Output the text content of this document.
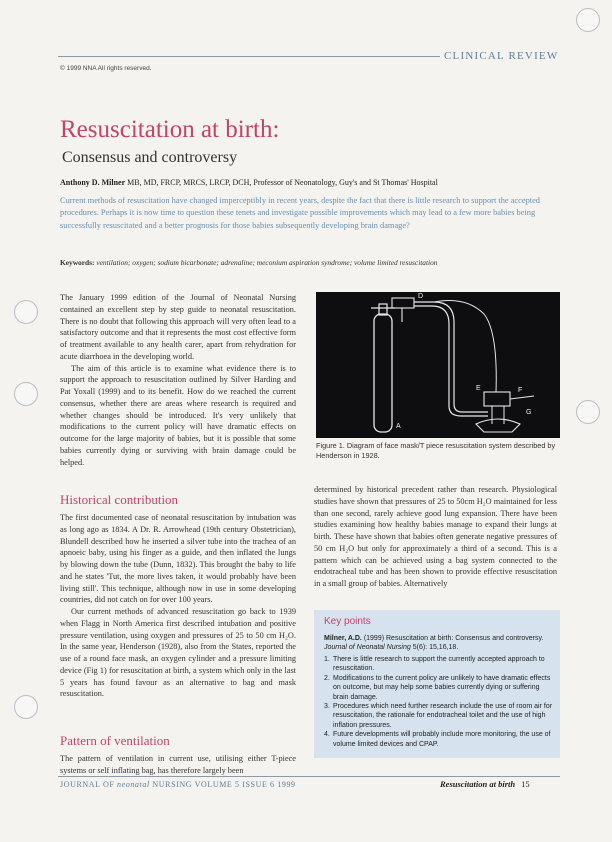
CLINICAL REVIEW
© 1999 NNA All rights reserved.
Resuscitation at birth:
Consensus and controversy
Anthony D. Milner MB, MD, FRCP, MRCS, LRCP, DCH, Professor of Neonatology, Guy's and St Thomas' Hospital
Current methods of resuscitation have changed imperceptibly in recent years, despite the fact that there is little research to support the accepted procedures. Perhaps it is now time to question these tenets and investigate possible improvements which may lead to a few more babies being successfully resuscitated and a better prognosis for those babies subsequently developing brain damage?
Keywords: ventilation; oxygen; sodium bicarbonate; adrenaline; meconium aspiration syndrome; volume limited resuscitation

The January 1999 edition of the Journal of Neonatal Nursing contained an excellent step by step guide to neonatal resuscitation. There is no doubt that following this approach will very often lead to a satisfactory outcome and that it represents the most cost effective form of treatment available to any health carer, apart from rehydration for acute diarrhoea in the developing world.

The aim of this article is to examine what evidence there is to support the approach to resuscitation outlined by Silver Harding and Pat Yoxall (1999) and to its benefit. How do we reached the current consensus, whether there are areas where research is required and whether changes should be introduced. It's very unlikely that modifications to the current policy will have dramatic effects on outcome for the large majority of babies, but it is possible that some babies currently dying or surviving with brain damage could be helped.

Historical contribution

The first documented case of neonatal resuscitation by intubation was as long ago as 1834. A Dr. R. Arrowhead (19th century Obstetrician), Blundell described how he inserted a silver tube into the trachea of an apnoeic baby, using his finger as a guide, and then inflated the lungs by blowing down the tube (Dunn, 1832). This brought the baby to life and he states 'Tut, the more lives taken, it would probably have been living still'. This technique, although now in use in some developing countries, did not catch on for over 100 years.

Our current methods of advanced resuscitation go back to 1939 when Flagg in North America first described intubation and positive pressure ventilation, using oxygen and pressures of 25 to 50 cm H₂O. In the same year, Henderson (1928), also from the States, reported the use of a round face mask, an oxygen cylinder and a pressure limiting device (Fig 1) for resuscitation at birth, a system which only in the last 5 years has found favour as an alternative to bag and mask resuscitation.

Pattern of ventilation

The pattern of ventilation in current use, utilising either T-piece systems or self inflating bag, has therefore largely been

D
A
E	F
G
Figure 1. Diagram of face mask/T piece resuscitation system described by Henderson in 1928.

determined by historical precedent rather than research. Physiological studies have shown that pressures of 25 to 50cm H₂O maintained for less than one second, rarely achieve good lung expansion. There have been studies examining how healthy babies manage to expand their lungs at birth. These have shown that babies often generate negative pressures of 50 cm H₂O but only for approximately a third of a second. This is a pattern which can be achieved using a bag system connected to the endotracheal tube and has been shown to provide effective resuscitation in a small group of babies. Alternatively

Key points
Milner, A.D. (1999) Resuscitation at birth: Consensus and controversy. Journal of Neonatal Nursing 5(6): 15,16,18.
1. There is little research to support the currently accepted approach to resuscitation.
2. Modifications to the current policy are unlikely to have dramatic effects on outcome, but may help some babies currently dying or suffering brain damage.
3. Procedures which need further research include the use of room air for resuscitation, the rationale for endotracheal toilet and the use of high inflation pressures.
4. Future developments will probably include more monitoring, the use of volume limited devices and CPAP.
JOURNAL OF neonatal NURSING VOLUME 5 ISSUE 6 1999	Resuscitation at birth 15
